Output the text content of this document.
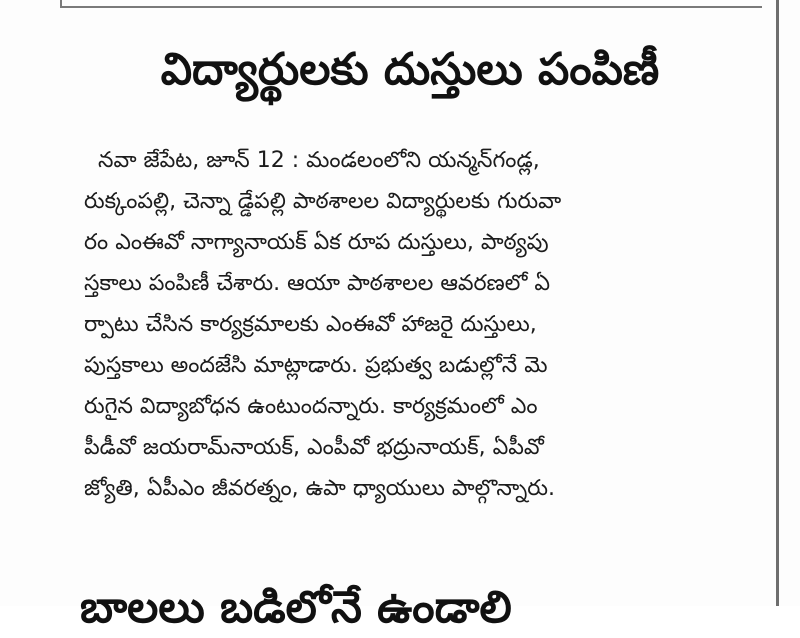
విద్యార్థులకు దుస్తులు పంపిణీ
నవా జేపేట, జూన్ 12 : మండలంలోని యన్మన్‌గండ్ల,
రుక్కంపల్లి, చెన్నా డ్డేపల్లి పాఠశాలల విద్యార్థులకు గురువా
రం ఎంఈవో నాగ్యానాయక్ ఏక రూప దుస్తులు, పాఠ్యపు
స్తకాలు పంపిణీ చేశారు. ఆయా పాఠశాలల ఆవరణలో ఏ
ర్పాటు చేసిన కార్యక్రమాలకు ఎంఈవో హాజరై దుస్తులు,
పుస్తకాలు అందజేసి మాట్లాడారు. ప్రభుత్వ బడుల్లోనే మె
రుగైన విద్యాబోధన ఉంటుందన్నారు. కార్యక్రమంలో ఎం
పీడీవో జయరామ్‌నాయక్, ఎంపీవో భద్రునాయక్, ఏపీవో
జ్యోతి, ఏపీఎం జీవరత్నం, ఉపా ధ్యాయులు పాల్గొన్నారు.
బాలలు బడిలోనే ఉండాలి
